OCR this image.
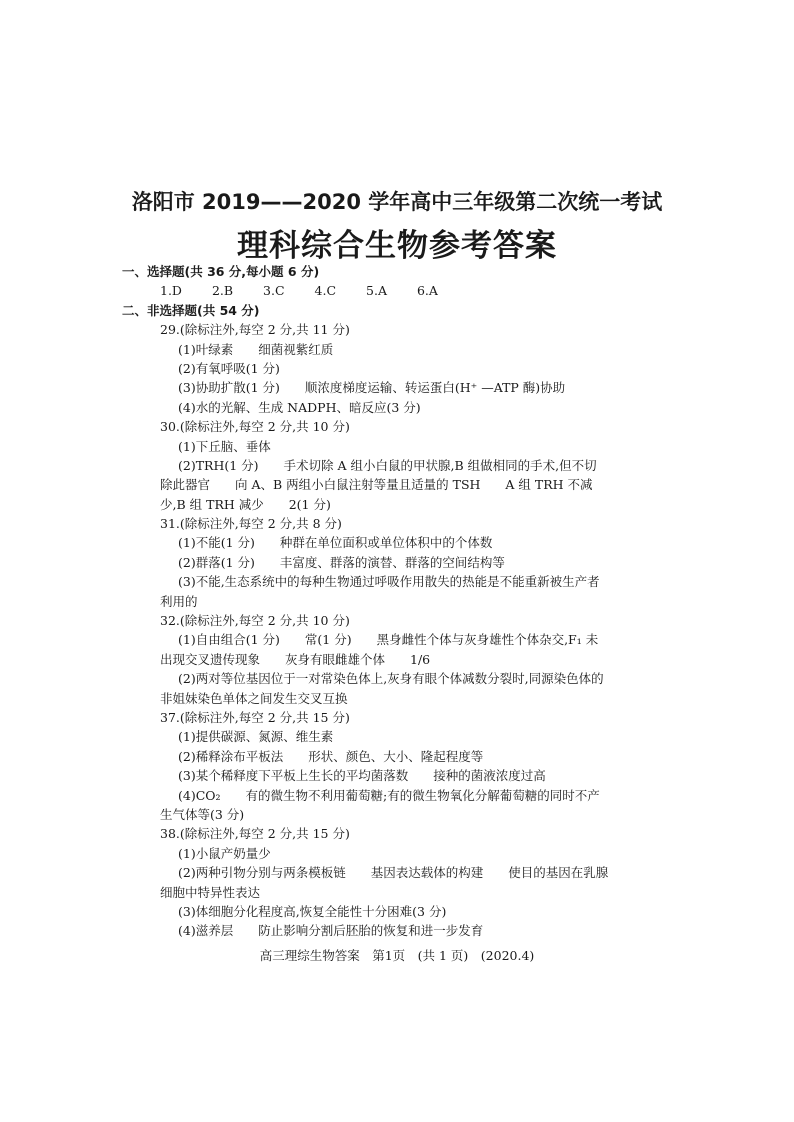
洛阳市 2019——2020 学年高中三年级第二次统一考试
理科综合生物参考答案
一、选择题(共 36 分,每小题 6 分)
1.D 2.B 3.C 4.C 5.A 6.A
二、非选择题(共 54 分)
29.(除标注外,每空 2 分,共 11 分)
(1)叶绿素　　细菌视紫红质
(2)有氧呼吸(1 分)
(3)协助扩散(1 分)　　顺浓度梯度运输、转运蛋白(H⁺ —ATP 酶)协助
(4)水的光解、生成 NADPH、暗反应(3 分)
30.(除标注外,每空 2 分,共 10 分)
(1)下丘脑、垂体
(2)TRH(1 分)　　手术切除 A 组小白鼠的甲状腺,B 组做相同的手术,但不切
除此器官　　向 A、B 两组小白鼠注射等量且适量的 TSH　　A 组 TRH 不减
少,B 组 TRH 减少　　2(1 分)
31.(除标注外,每空 2 分,共 8 分)
(1)不能(1 分)　　种群在单位面积或单位体积中的个体数
(2)群落(1 分)　　丰富度、群落的演替、群落的空间结构等
(3)不能,生态系统中的每种生物通过呼吸作用散失的热能是不能重新被生产者
利用的
32.(除标注外,每空 2 分,共 10 分)
(1)自由组合(1 分)　　常(1 分)　　黑身雌性个体与灰身雄性个体杂交,F₁ 未
出现交叉遗传现象　　灰身有眼雌雄个体　　1/6
(2)两对等位基因位于一对常染色体上,灰身有眼个体减数分裂时,同源染色体的
非姐妹染色单体之间发生交叉互换
37.(除标注外,每空 2 分,共 15 分)
(1)提供碳源、氮源、维生素
(2)稀释涂布平板法　　形状、颜色、大小、隆起程度等
(3)某个稀释度下平板上生长的平均菌落数　　接种的菌液浓度过高
(4)CO₂　　有的微生物不利用葡萄糖;有的微生物氧化分解葡萄糖的同时不产
生气体等(3 分)
38.(除标注外,每空 2 分,共 15 分)
(1)小鼠产奶量少
(2)两种引物分别与两条模板链　　基因表达载体的构建　　使目的基因在乳腺
细胞中特异性表达
(3)体细胞分化程度高,恢复全能性十分困难(3 分)
(4)滋养层　　防止影响分割后胚胎的恢复和进一步发育
高三理综生物答案　第1页　(共 1 页)　(2020.4)
